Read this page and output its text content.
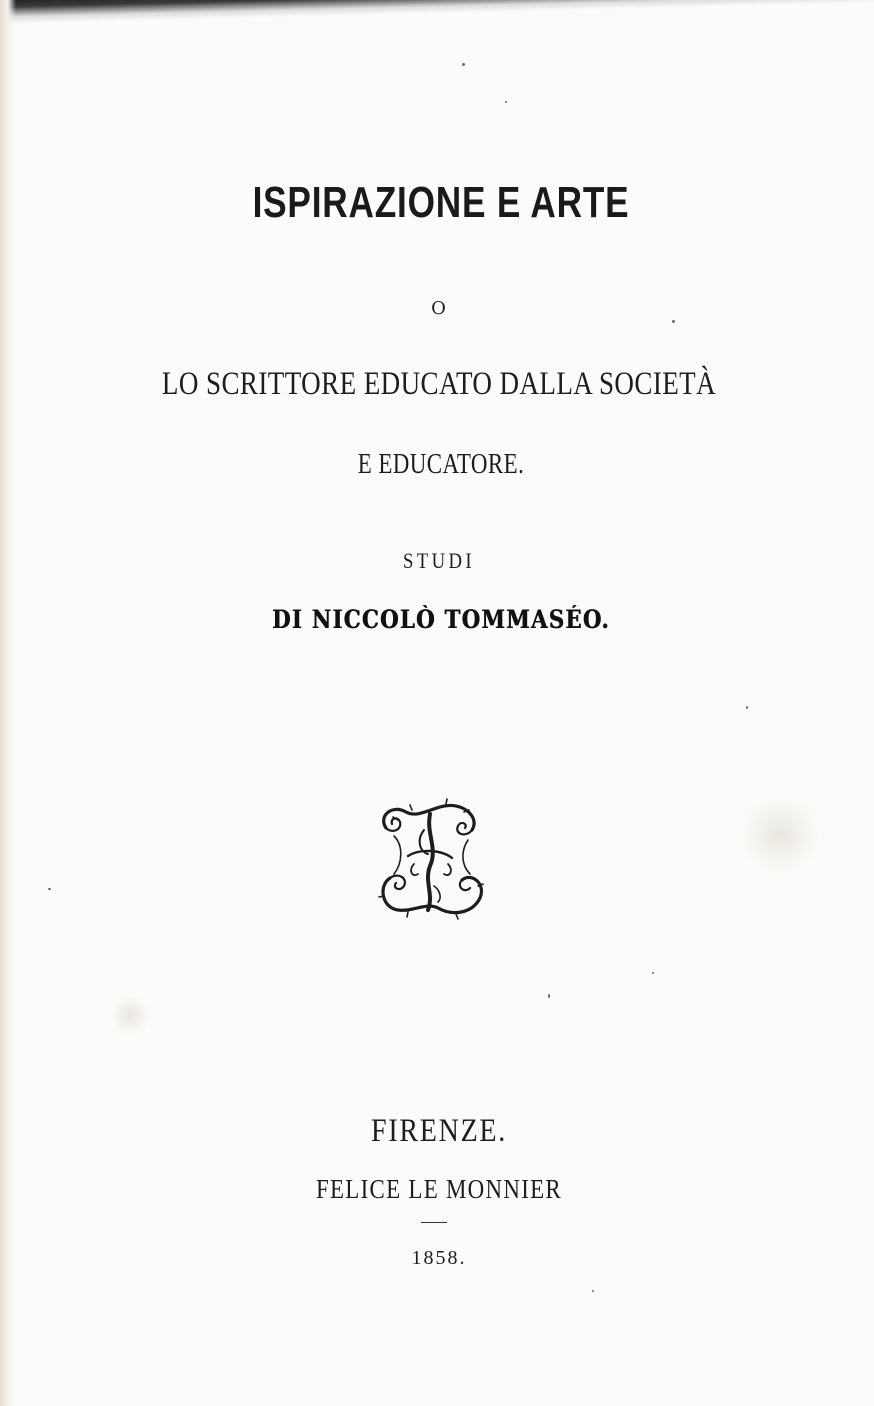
ISPIRAZIONE E ARTE

O

LO SCRITTORE EDUCATO DALLA SOCIETÀ

E EDUCATORE.

STUDI

DI NICCOLÒ TOMMASÉO.

FIRENZE.

FELICE LE MONNIER

1858.
